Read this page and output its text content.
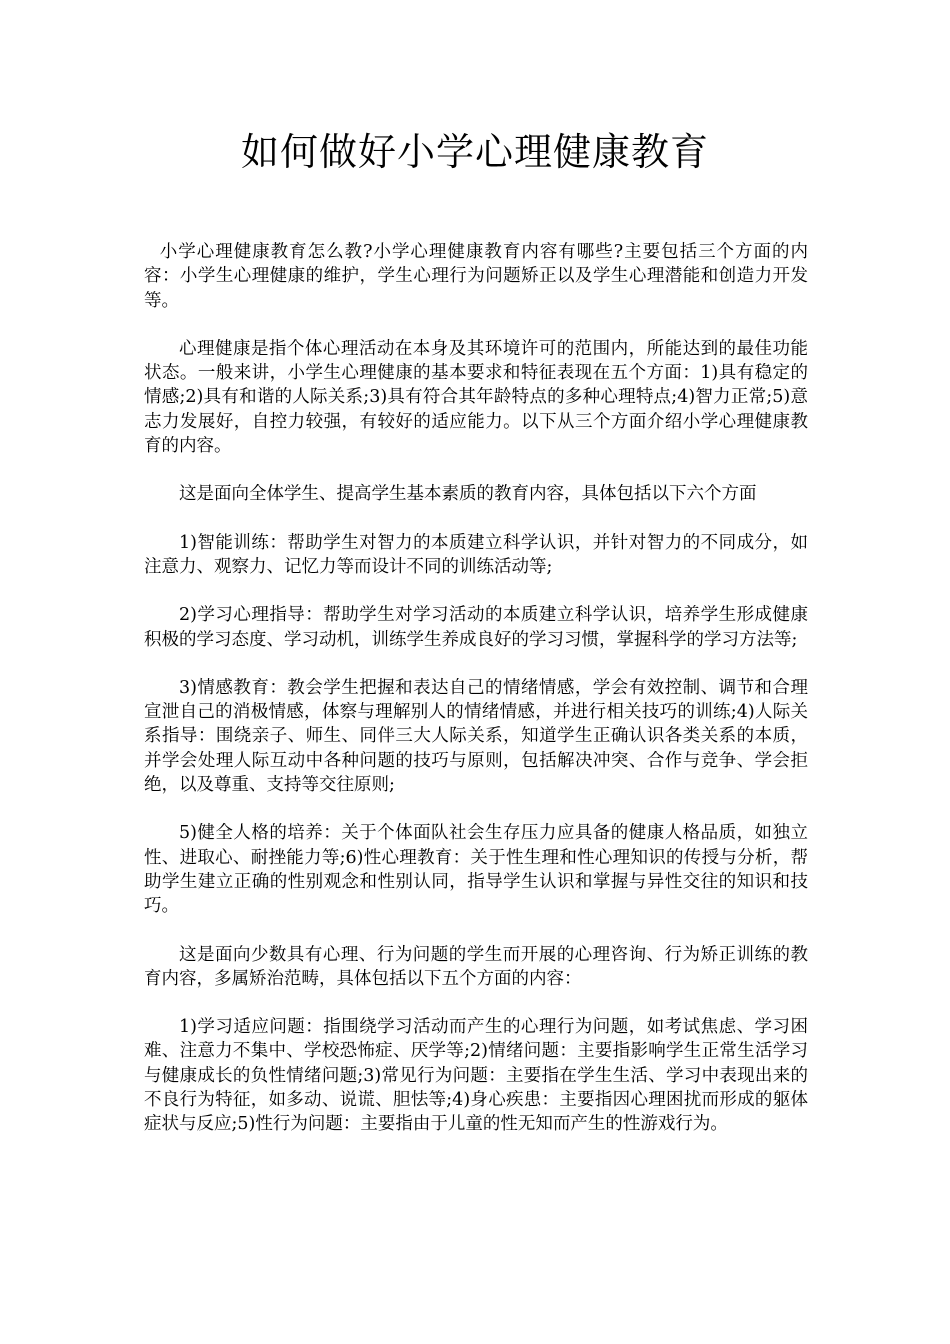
如何做好小学心理健康教育

小学心理健康教育怎么教?小学心理健康教育内容有哪些?主要包括三个方面的内容：小学生心理健康的维护，学生心理行为问题矫正以及学生心理潜能和创造力开发等。

心理健康是指个体心理活动在本身及其环境许可的范围内，所能达到的最佳功能状态。一般来讲，小学生心理健康的基本要求和特征表现在五个方面：1)具有稳定的情感;2)具有和谐的人际关系;3)具有符合其年龄特点的多种心理特点;4)智力正常;5)意志力发展好，自控力较强，有较好的适应能力。以下从三个方面介绍小学心理健康教育的内容。

这是面向全体学生、提高学生基本素质的教育内容，具体包括以下六个方面

1)智能训练：帮助学生对智力的本质建立科学认识，并针对智力的不同成分，如注意力、观察力、记忆力等而设计不同的训练活动等;

2)学习心理指导：帮助学生对学习活动的本质建立科学认识，培养学生形成健康积极的学习态度、学习动机，训练学生养成良好的学习习惯，掌握科学的学习方法等;

3)情感教育：教会学生把握和表达自己的情绪情感，学会有效控制、调节和合理宣泄自己的消极情感，体察与理解别人的情绪情感，并进行相关技巧的训练;4)人际关系指导：围绕亲子、师生、同伴三大人际关系，知道学生正确认识各类关系的本质，并学会处理人际互动中各种问题的技巧与原则，包括解决冲突、合作与竞争、学会拒绝，以及尊重、支持等交往原则;

5)健全人格的培养：关于个体面队社会生存压力应具备的健康人格品质，如独立性、进取心、耐挫能力等;6)性心理教育：关于性生理和性心理知识的传授与分析，帮助学生建立正确的性别观念和性别认同，指导学生认识和掌握与异性交往的知识和技巧。

这是面向少数具有心理、行为问题的学生而开展的心理咨询、行为矫正训练的教育内容，多属矫治范畴，具体包括以下五个方面的内容：

1)学习适应问题：指围绕学习活动而产生的心理行为问题，如考试焦虑、学习困难、注意力不集中、学校恐怖症、厌学等;2)情绪问题：主要指影响学生正常生活学习与健康成长的负性情绪问题;3)常见行为问题：主要指在学生生活、学习中表现出来的不良行为特征，如多动、说谎、胆怯等;4)身心疾患：主要指因心理困扰而形成的躯体症状与反应;5)性行为问题：主要指由于儿童的性无知而产生的性游戏行为。
